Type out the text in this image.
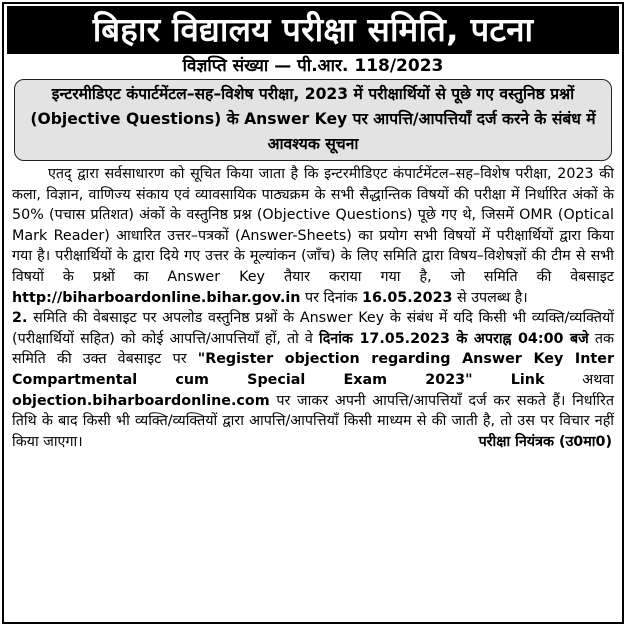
बिहार विद्यालय परीक्षा समिति, पटना
विज्ञप्ति संख्या — पी.आर. 118/2023
इन्टरमीडिएट कंपार्टमेंटल–सह–विशेष परीक्षा, 2023 में परीक्षार्थियों से पूछे गए वस्तुनिष्ठ प्रश्नों (Objective Questions) के Answer Key पर आपत्ति/आपत्तियाँ दर्ज करने के संबंध में आवश्यक सूचना

एतद् द्वारा सर्वसाधारण को सूचित किया जाता है कि इन्टरमीडिएट कंपार्टमेंटल–सह–विशेष परीक्षा, 2023 की कला, विज्ञान, वाणिज्य संकाय एवं व्यावसायिक पाठ्यक्रम के सभी सैद्धान्तिक विषयों की परीक्षा में निर्धारित अंकों के 50% (पचास प्रतिशत) अंकों के वस्तुनिष्ठ प्रश्न (Objective Questions) पूछे गए थे, जिसमें OMR (Optical Mark Reader) आधारित उत्तर–पत्रकों (Answer-Sheets) का प्रयोग सभी विषयों में परीक्षार्थियों द्वारा किया गया है। परीक्षार्थियों के द्वारा दिये गए उत्तर के मूल्यांकन (जाँच) के लिए समिति द्वारा विषय–विशेषज्ञों की टीम से सभी विषयों के प्रश्नों का Answer Key तैयार कराया गया है, जो समिति की वेबसाइट http://biharboardonline.bihar.gov.in पर दिनांक 16.05.2023 से उपलब्ध है।

2. समिति की वेबसाइट पर अपलोड वस्तुनिष्ठ प्रश्नों के Answer Key के संबंध में यदि किसी भी व्यक्ति/व्यक्तियों (परीक्षार्थियों सहित) को कोई आपत्ति/आपत्तियाँ हों, तो वे दिनांक 17.05.2023 के अपराह्न 04:00 बजे तक समिति की उक्त वेबसाइट पर "Register objection regarding Answer Key Inter Compartmental cum Special Exam 2023" Link	अथवा objection.biharboardonline.com पर जाकर अपनी आपत्ति/आपत्तियाँ दर्ज कर सकते हैं। निर्धारित तिथि के बाद किसी भी व्यक्ति/व्यक्तियों द्वारा आपत्ति/आपत्तियाँ किसी माध्यम से की जाती है, तो उस पर विचार नहीं किया जाएगा।	परीक्षा नियंत्रक (उ0मा0)
